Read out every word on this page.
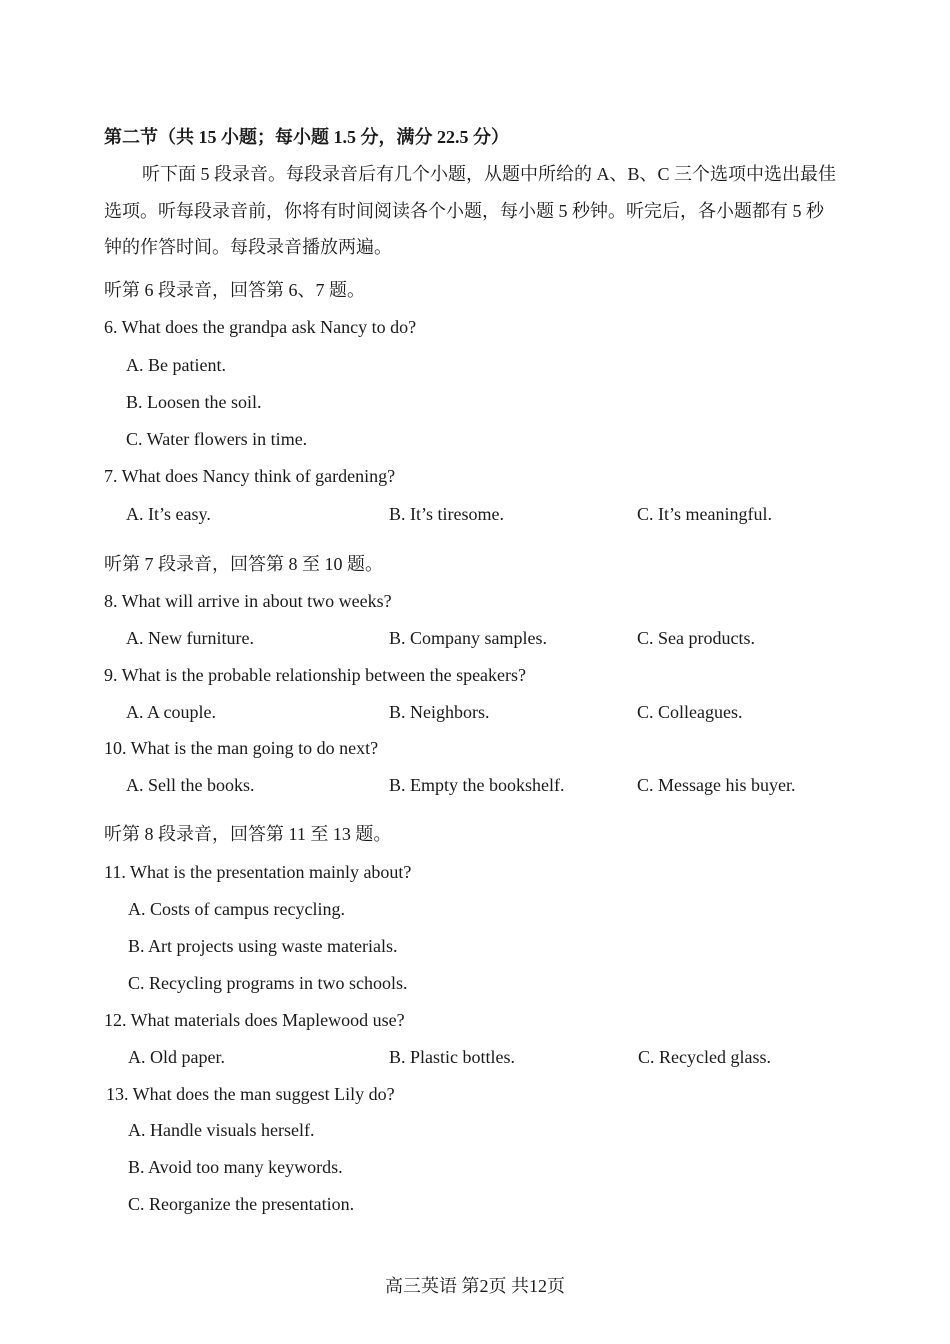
第二节（共 15 小题；每小题 1.5 分，满分 22.5 分）
听下面 5 段录音。每段录音后有几个小题，从题中所给的 A、B、C 三个选项中选出最佳
选项。听每段录音前，你将有时间阅读各个小题，每小题 5 秒钟。听完后，各小题都有 5 秒
钟的作答时间。每段录音播放两遍。
听第 6 段录音，回答第 6、7 题。
6. What does the grandpa ask Nancy to do?
A. Be patient.
B. Loosen the soil.
C. Water flowers in time.
7. What does Nancy think of gardening?
A. It’s easy.	B. It’s tiresome.	C. It’s meaningful.
听第 7 段录音，回答第 8 至 10 题。
8. What will arrive in about two weeks?
A. New furniture.	B. Company samples.	C. Sea products.
9. What is the probable relationship between the speakers?
A. A couple.	B. Neighbors.	C. Colleagues.
10. What is the man going to do next?
A. Sell the books.	B. Empty the bookshelf.	C. Message his buyer.
听第 8 段录音，回答第 11 至 13 题。
11. What is the presentation mainly about?
A. Costs of campus recycling.
B. Art projects using waste materials.
C. Recycling programs in two schools.
12. What materials does Maplewood use?
A. Old paper.	B. Plastic bottles.	C. Recycled glass.
13. What does the man suggest Lily do?
A. Handle visuals herself.
B. Avoid too many keywords.
C. Reorganize the presentation.
高三英语 第2页 共12页
